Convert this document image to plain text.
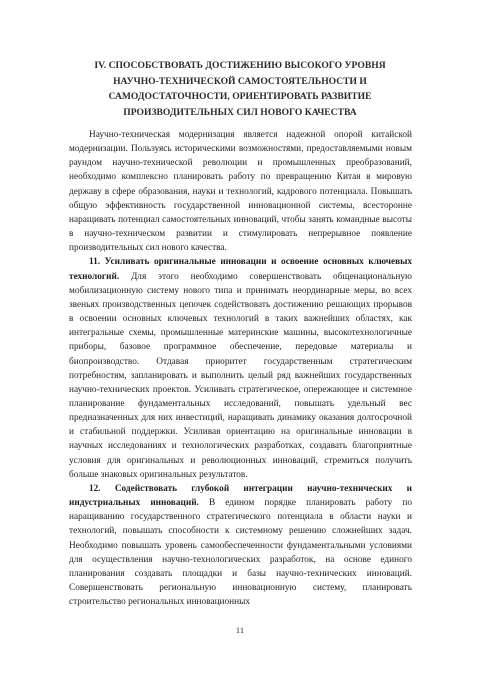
IV. СПОСОБСТВОВАТЬ ДОСТИЖЕНИЮ ВЫСОКОГО УРОВНЯ
НАУЧНО-ТЕХНИЧЕСКОЙ САМОСТОЯТЕЛЬНОСТИ И
САМОДОСТАТОЧНОСТИ, ОРИЕНТИРОВАТЬ РАЗВИТИЕ
ПРОИЗВОДИТЕЛЬНЫХ СИЛ НОВОГО КАЧЕСТВА

Научно-техническая модернизация является надежной опорой китайской модернизации. Пользуясь историческими возможностями, предоставляемыми новым раундом научно-технической революции и промышленных преобразований, необходимо комплексно планировать работу по превращению Китая в мировую державу в сфере образования, науки и технологий, кадрового потенциала. Повышать общую эффективность государственной инновационной системы, всесторонне наращивать потенциал самостоятельных инноваций, чтобы занять командные высоты в научно-техническом развитии и стимулировать непрерывное появление производительных сил нового качества.

11. Усиливать оригинальные инновации и освоение основных ключевых технологий. Для этого необходимо совершенствовать общенациональную мобилизационную систему нового типа и принимать неординарные меры, во всех звеньях производственных цепочек содействовать достижению решающих прорывов в освоении основных ключевых технологий в таких важнейших областях, как интегральные схемы, промышленные материнские машины, высокотехнологичные приборы, базовое программное обеспечение, передовые материалы и биопроизводство. Отдавая приоритет государственным стратегическим потребностям, запланировать и выполнить целый ряд важнейших государственных научно-технических проектов. Усиливать стратегическое, опережающее и системное планирование фундаментальных исследований, повышать удельный вес предназначенных для них инвестиций, наращивать динамику оказания долгосрочной и стабильной поддержки. Усиливая ориентацию на оригинальные инновации в научных исследованиях и технологических разработках, создавать благоприятные условия для оригинальных и революционных инноваций, стремиться получить больше знаковых оригинальных результатов.

12. Содействовать глубокой интеграции научно-технических и индустриальных инноваций. В едином порядке планировать работу по наращиванию государственного стратегического потенциала в области науки и технологий, повышать способности к системному решению сложнейших задач. Необходимо повышать уровень самообеспеченности фундаментальными условиями для осуществления научно-технологических разработок, на основе единого планирования создавать площадки и базы научно-технических инноваций. Совершенствовать региональную инновационную систему, планировать строительство региональных инновационных

11
